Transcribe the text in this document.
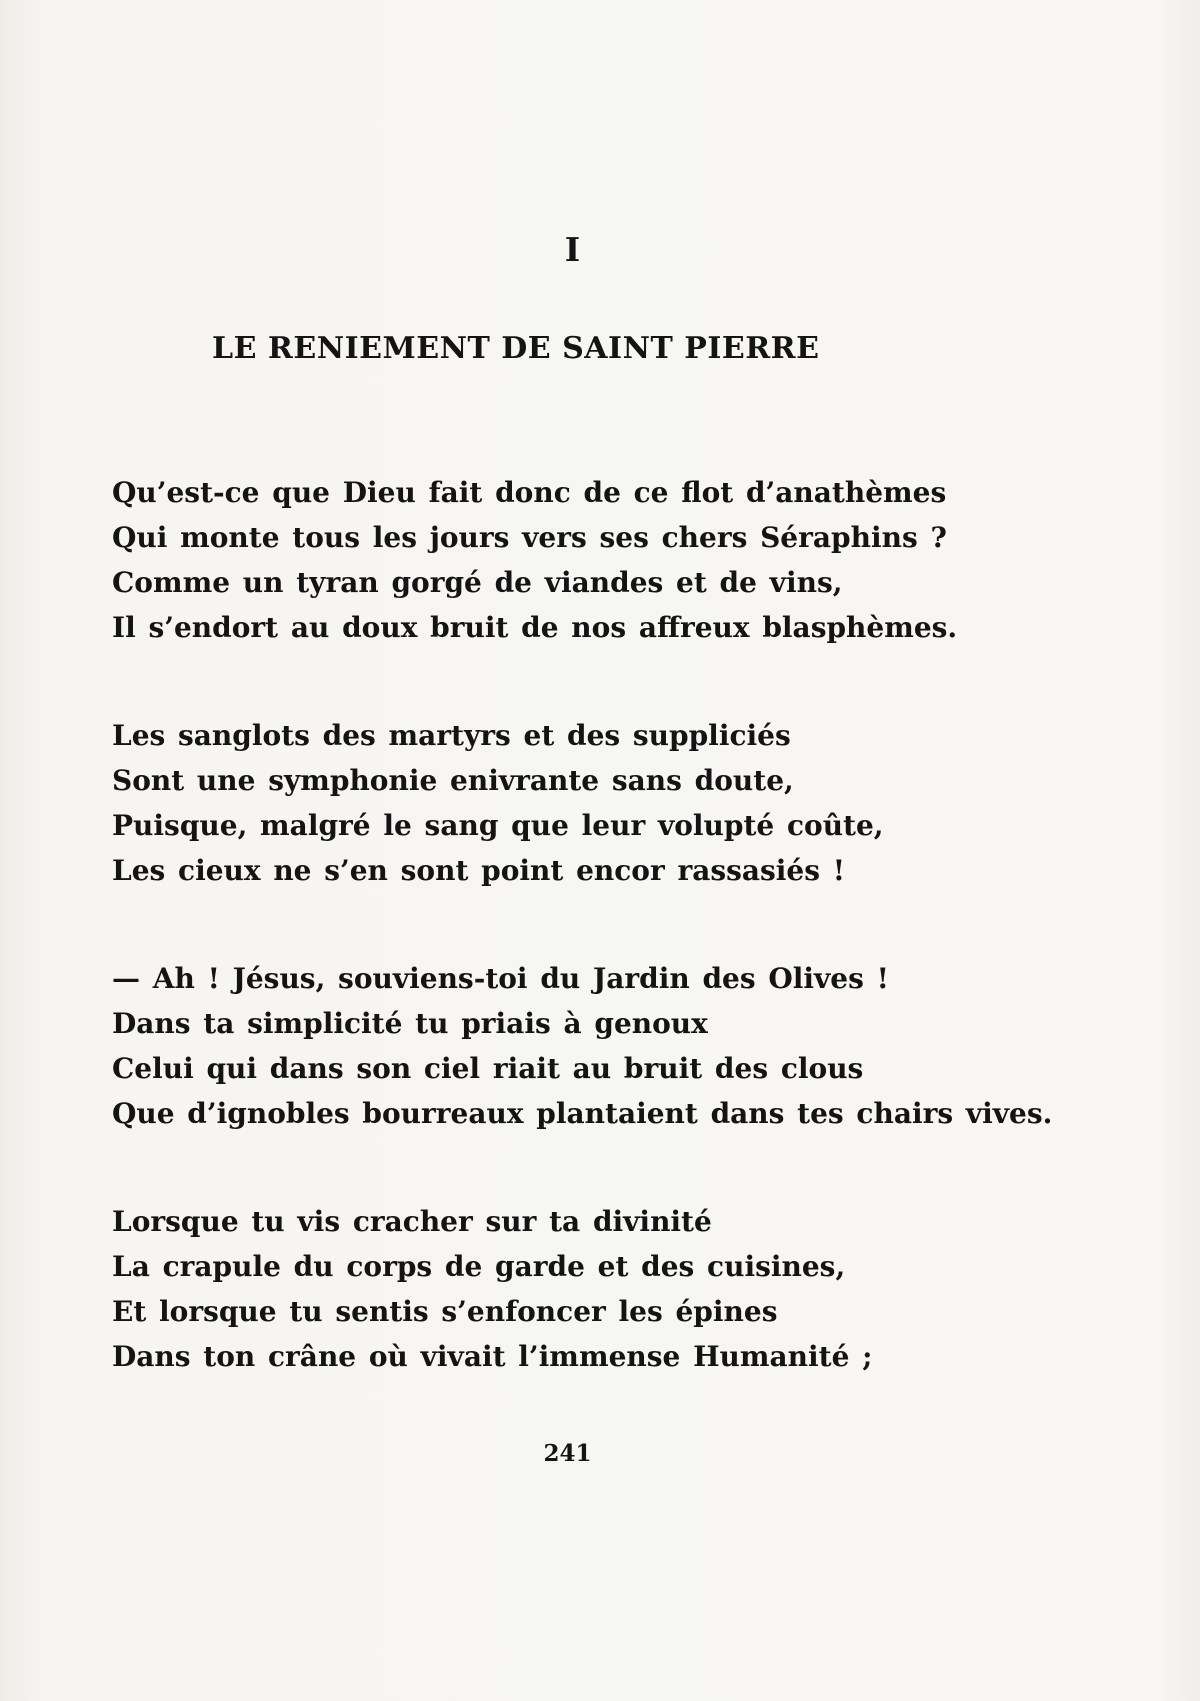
I
LE RENIEMENT DE SAINT PIERRE
Qu’est-ce que Dieu fait donc de ce flot d’anathèmes
Qui monte tous les jours vers ses chers Séraphins ?
Comme un tyran gorgé de viandes et de vins,
Il s’endort au doux bruit de nos affreux blasphèmes.
Les sanglots des martyrs et des suppliciés
Sont une symphonie enivrante sans doute,
Puisque, malgré le sang que leur volupté coûte,
Les cieux ne s’en sont point encor rassasiés !
— Ah ! Jésus, souviens-toi du Jardin des Olives !
Dans ta simplicité tu priais à genoux
Celui qui dans son ciel riait au bruit des clous
Que d’ignobles bourreaux plantaient dans tes chairs vives.
Lorsque tu vis cracher sur ta divinité
La crapule du corps de garde et des cuisines,
Et lorsque tu sentis s’enfoncer les épines
Dans ton crâne où vivait l’immense Humanité ;
241
